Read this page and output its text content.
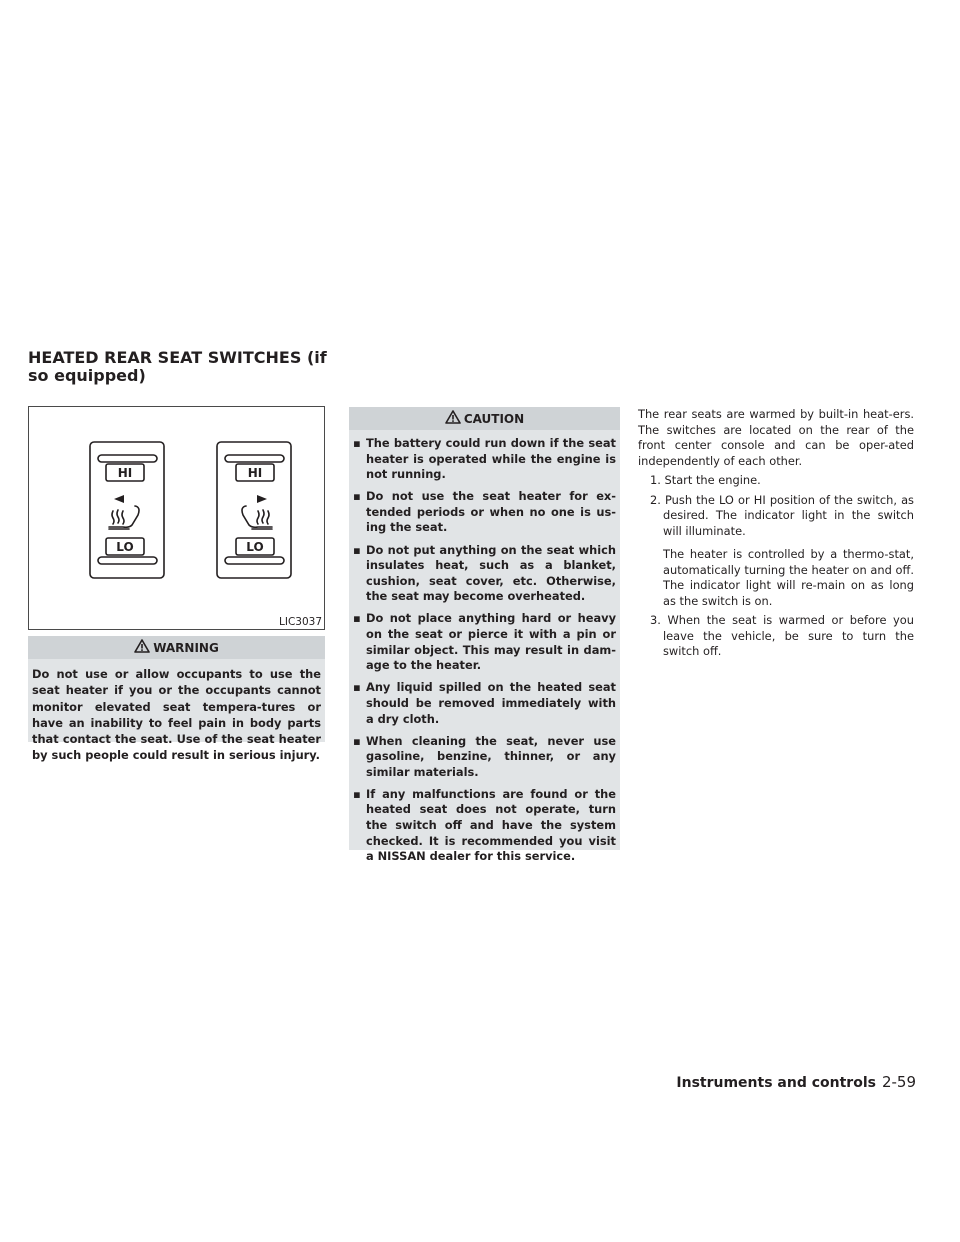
HEATED REAR SEAT SWITCHES (if so equipped)
HI
LO
HI
LO
LIC3037
WARNING
Do not use or allow occupants to use the seat heater if you or the occupants cannot monitor elevated seat tempera-tures or have an inability to feel pain in body parts that contact the seat. Use of the seat heater by such people could result in serious injury.
CAUTION
▪ The battery could run down if the seat heater is operated while the engine is not running.
▪ Do not use the seat heater for ex-tended periods or when no one is us-ing the seat.
▪ Do not put anything on the seat which insulates heat, such as a blanket, cushion, seat cover, etc. Otherwise, the seat may become overheated.
▪ Do not place anything hard or heavy on the seat or pierce it with a pin or similar object. This may result in dam-age to the heater.
▪ Any liquid spilled on the heated seat should be removed immediately with a dry cloth.
▪ When cleaning the seat, never use gasoline, benzine, thinner, or any similar materials.
▪ If any malfunctions are found or the heated seat does not operate, turn the switch off and have the system checked. It is recommended you visit a NISSAN dealer for this service.

The rear seats are warmed by built-in heat-ers. The switches are located on the rear of the front center console and can be oper-ated independently of each other.

1. Start the engine.
2. Push the LO or HI position of the switch, as desired. The indicator light in the switch will illuminate.

The heater is controlled by a thermo-stat, automatically turning the heater on and off. The indicator light will re-main on as long as the switch is on.

3. When the seat is warmed or before you leave the vehicle, be sure to turn the switch off.
Instruments and controls 2-59
